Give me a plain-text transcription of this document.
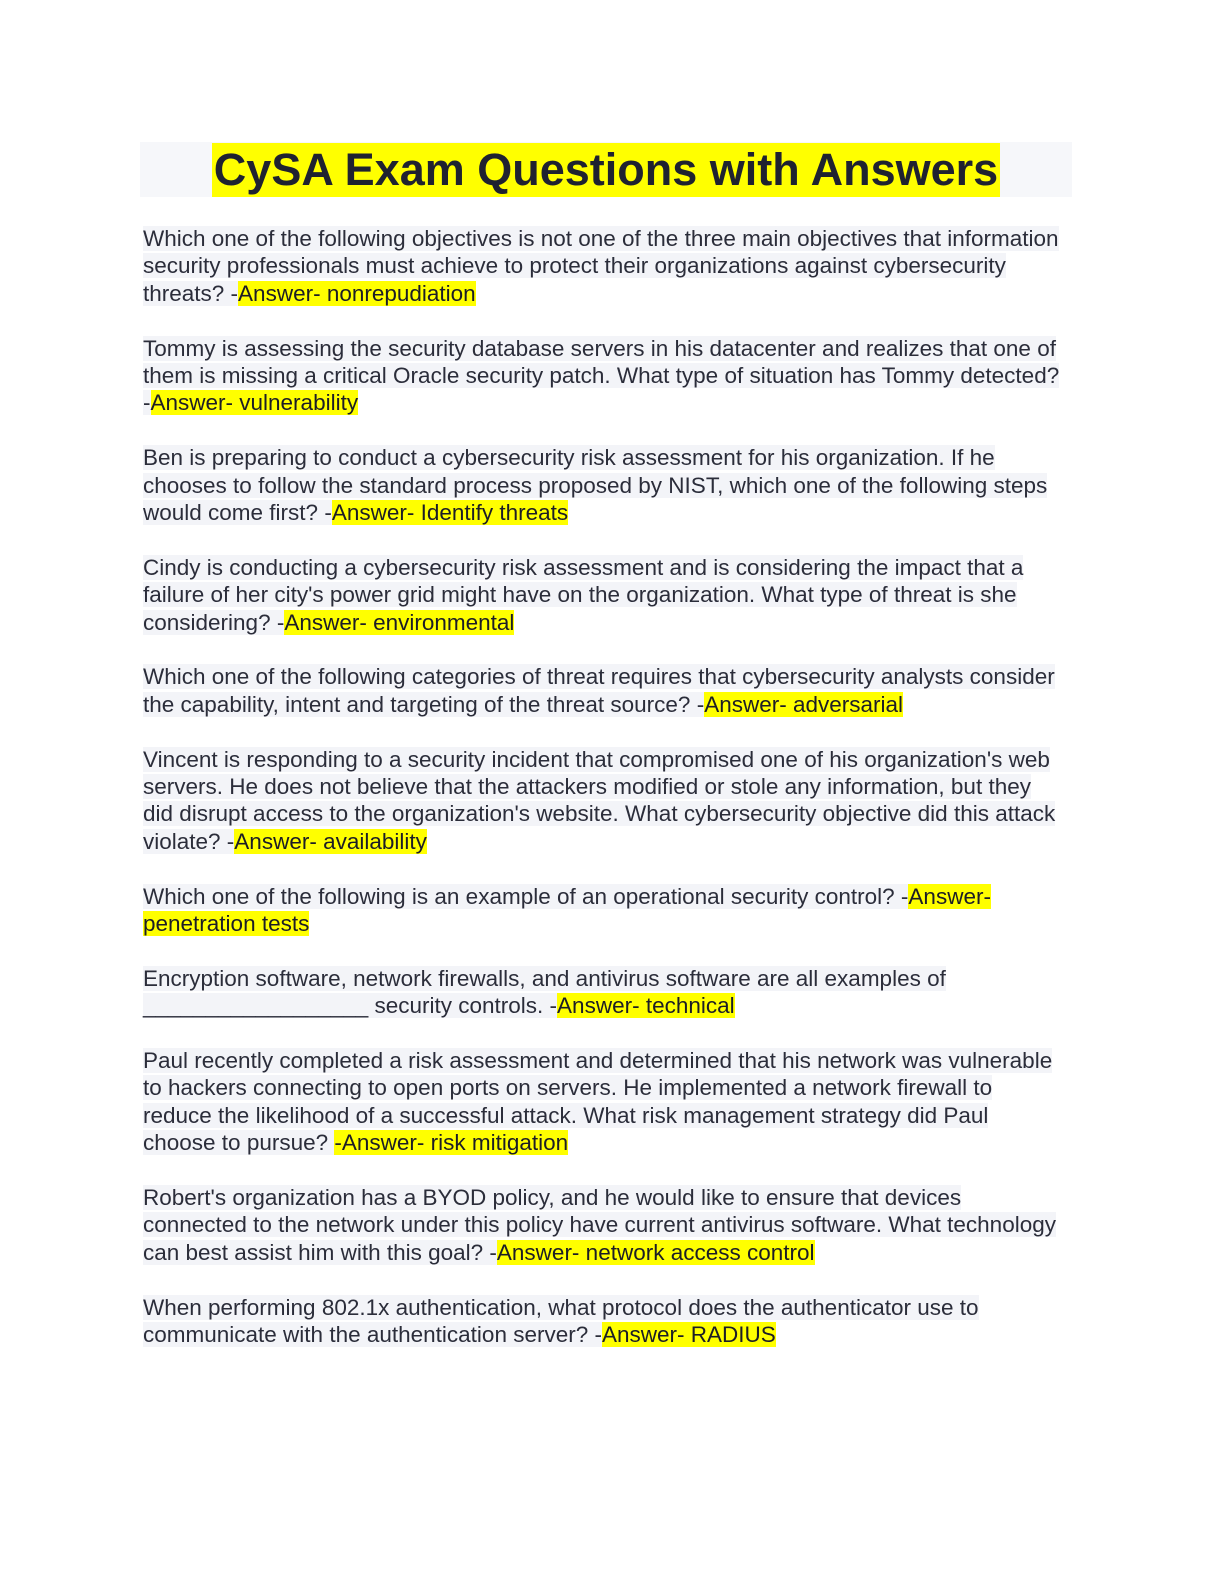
CySA Exam Questions with Answers

Which one of the following objectives is not one of the three main objectives that information security professionals must achieve to protect their organizations against cybersecurity threats? -Answer- nonrepudiation

Tommy is assessing the security database servers in his datacenter and realizes that one of them is missing a critical Oracle security patch. What type of situation has Tommy detected? -Answer- vulnerability

Ben is preparing to conduct a cybersecurity risk assessment for his organization. If he chooses to follow the standard process proposed by NIST, which one of the following steps would come first? -Answer- Identify threats

Cindy is conducting a cybersecurity risk assessment and is considering the impact that a failure of her city's power grid might have on the organization. What type of threat is she considering? -Answer- environmental

Which one of the following categories of threat requires that cybersecurity analysts consider the capability, intent and targeting of the threat source? -Answer- adversarial

Vincent is responding to a security incident that compromised one of his organization's web servers. He does not believe that the attackers modified or stole any information, but they did disrupt access to the organization's website. What cybersecurity objective did this attack violate? -Answer- availability

Which one of the following is an example of an operational security control? -Answer- penetration tests

Encryption software, network firewalls, and antivirus software are all examples of __________________ security controls. -Answer- technical

Paul recently completed a risk assessment and determined that his network was vulnerable to hackers connecting to open ports on servers. He implemented a network firewall to reduce the likelihood of a successful attack. What risk management strategy did Paul choose to pursue? -Answer- risk mitigation

Robert's organization has a BYOD policy, and he would like to ensure that devices connected to the network under this policy have current antivirus software. What technology can best assist him with this goal? -Answer- network access control

When performing 802.1x authentication, what protocol does the authenticator use to communicate with the authentication server? -Answer- RADIUS
